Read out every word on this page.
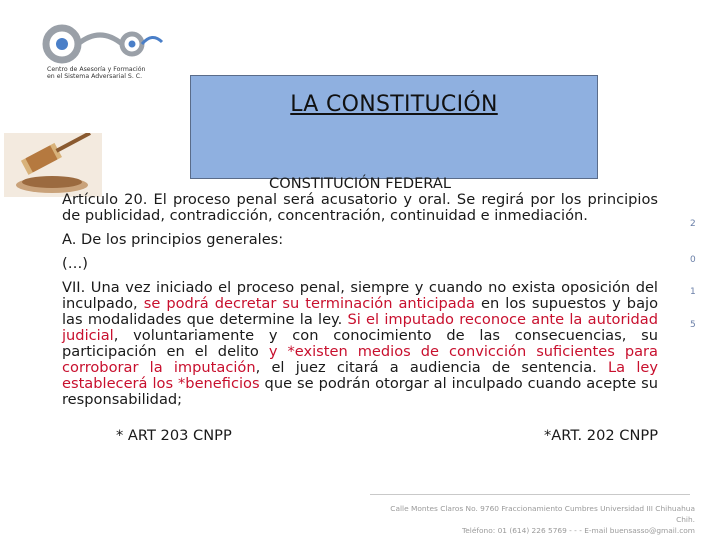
Centro de Asesoría y Formación
en el Sistema Adversarial S. C.
LA CONSTITUCIÓN
2
0
1
5

CONSTITUCIÓN FEDERAL

Artículo 20. El proceso penal será acusatorio y oral. Se regirá por los principios de publicidad, contradicción, concentración, continuidad e inmediación.

A. De los principios generales:

(…)

VII. Una vez iniciado el proceso penal, siempre y cuando no exista oposición del inculpado, se podrá decretar su terminación anticipada en los supuestos y bajo las modalidades que determine la ley. Si el imputado reconoce ante la autoridad judicial, voluntariamente y con conocimiento de las consecuencias, su participación en el delito y *existen medios de convicción suficientes para corroborar la imputación, el juez citará a audiencia de sentencia. La ley establecerá los *beneficios que se podrán otorgar al inculpado cuando acepte su responsabilidad;

* ART 203 CNPP	*ART. 202 CNPP
Calle Montes Claros No. 9760 Fraccionamiento Cumbres Universidad III Chihuahua Chih.
Teléfono: 01 (614) 226 5769 - - - E-mail buensasso@gmail.com
